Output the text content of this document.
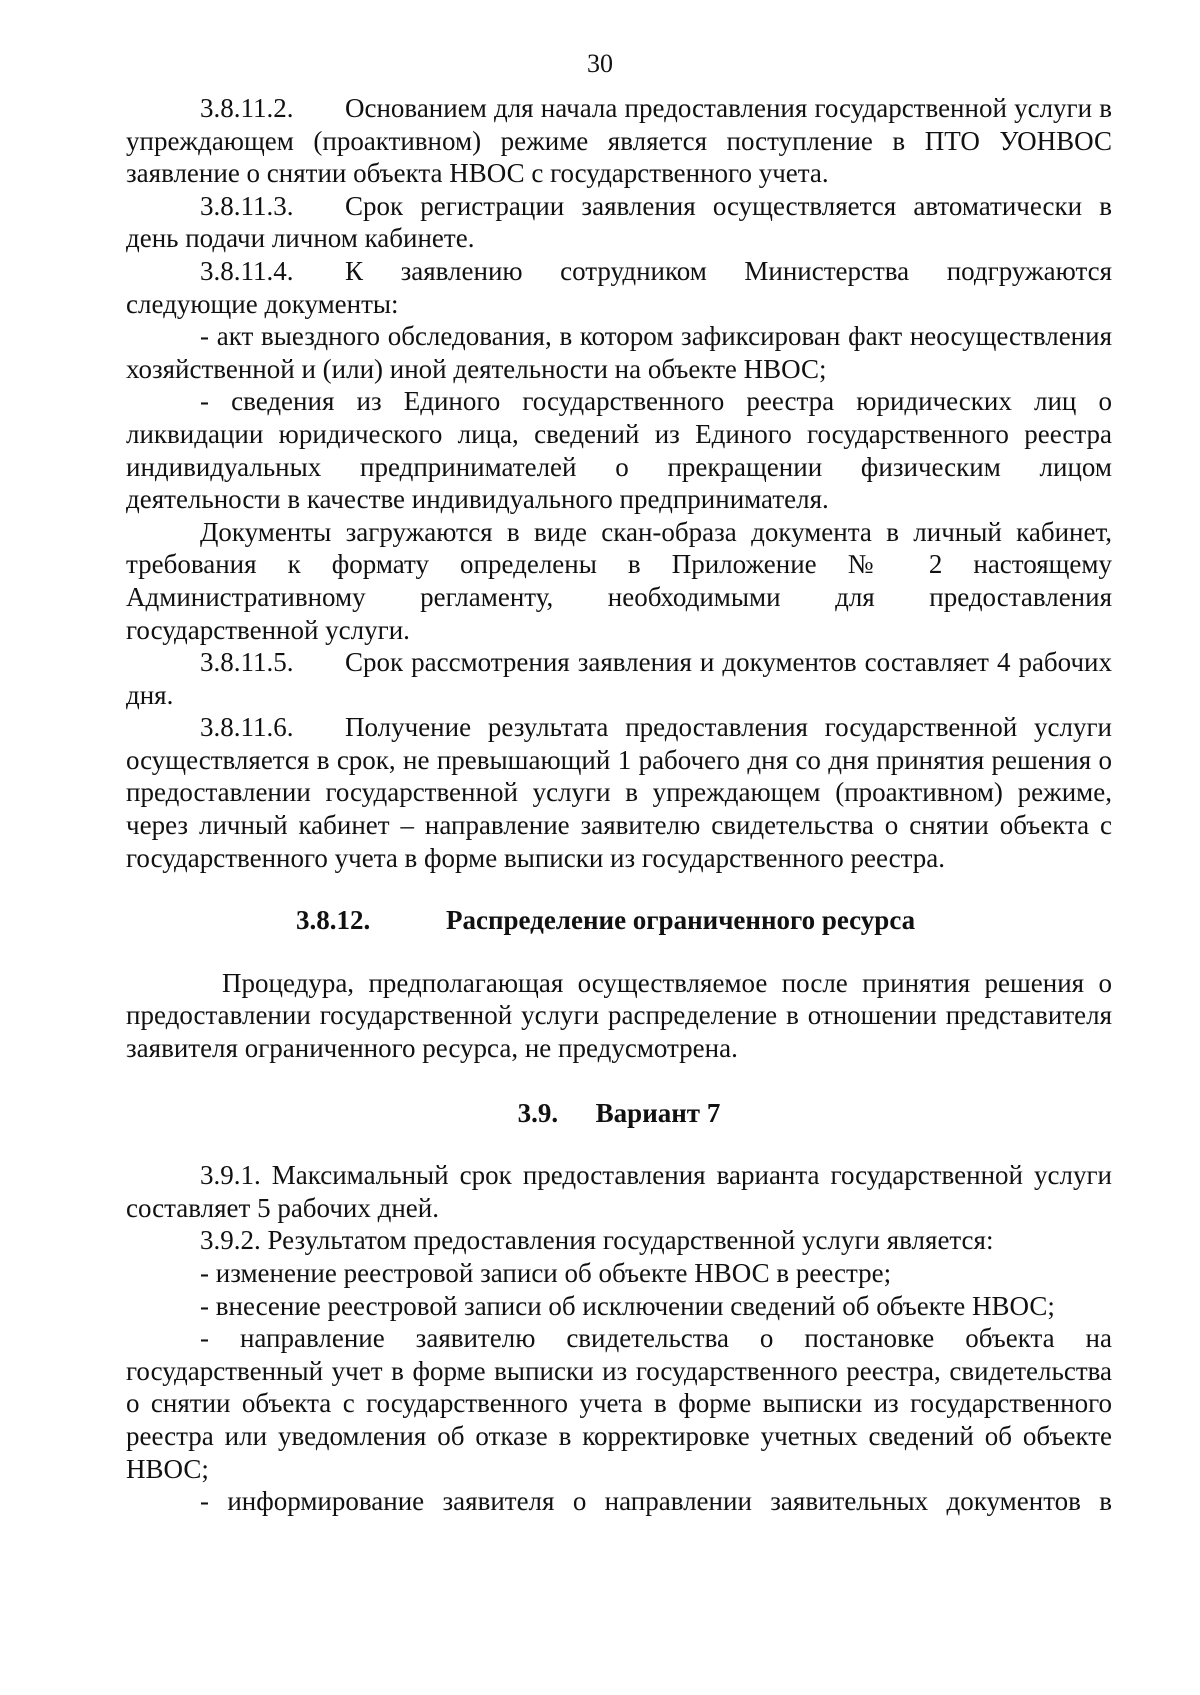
30

3.8.11.2. Основанием для начала предоставления государственной услуги в упреждающем (проактивном) режиме является поступление в ПТО УОНВОС заявление о снятии объекта НВОС с государственного учета.

3.8.11.3. Срок регистрации заявления осуществляется автоматически в день подачи личном кабинете.

3.8.11.4. К заявлению сотрудником Министерства подгружаются следующие документы:

- акт выездного обследования, в котором зафиксирован факт неосуществления хозяйственной и (или) иной деятельности на объекте НВОС;

- сведения из Единого государственного реестра юридических лиц о ликвидации юридического лица, сведений из Единого государственного реестра индивидуальных предпринимателей о прекращении физическим лицом деятельности в качестве индивидуального предпринимателя.

Документы загружаются в виде скан-образа документа в личный кабинет, требования к формату определены в Приложение № 2 настоящему Административному регламенту, необходимыми для предоставления государственной услуги.

3.8.11.5. Срок рассмотрения заявления и документов составляет 4 рабочих дня.

3.8.11.6. Получение результата предоставления государственной услуги осуществляется в срок, не превышающий 1 рабочего дня со дня принятия решения о предоставлении государственной услуги в упреждающем (проактивном) режиме, через личный кабинет – направление заявителю свидетельства о снятии объекта с государственного учета в форме выписки из государственного реестра.

3.8.12.	Распределение ограниченного ресурса

Процедура, предполагающая осуществляемое после принятия решения о предоставлении государственной услуги распределение в отношении представителя заявителя ограниченного ресурса, не предусмотрена.

3.9. Вариант 7

3.9.1. Максимальный срок предоставления варианта государственной услуги составляет 5 рабочих дней.

3.9.2. Результатом предоставления государственной услуги является:

- изменение реестровой записи об объекте НВОС в реестре;

- внесение реестровой записи об исключении сведений об объекте НВОС;

- направление заявителю свидетельства о постановке объекта на государственный учет в форме выписки из государственного реестра, свидетельства о снятии объекта с государственного учета в форме выписки из государственного реестра или уведомления об отказе в корректировке учетных сведений об объекте НВОС;

- информирование заявителя о направлении заявительных документов в
